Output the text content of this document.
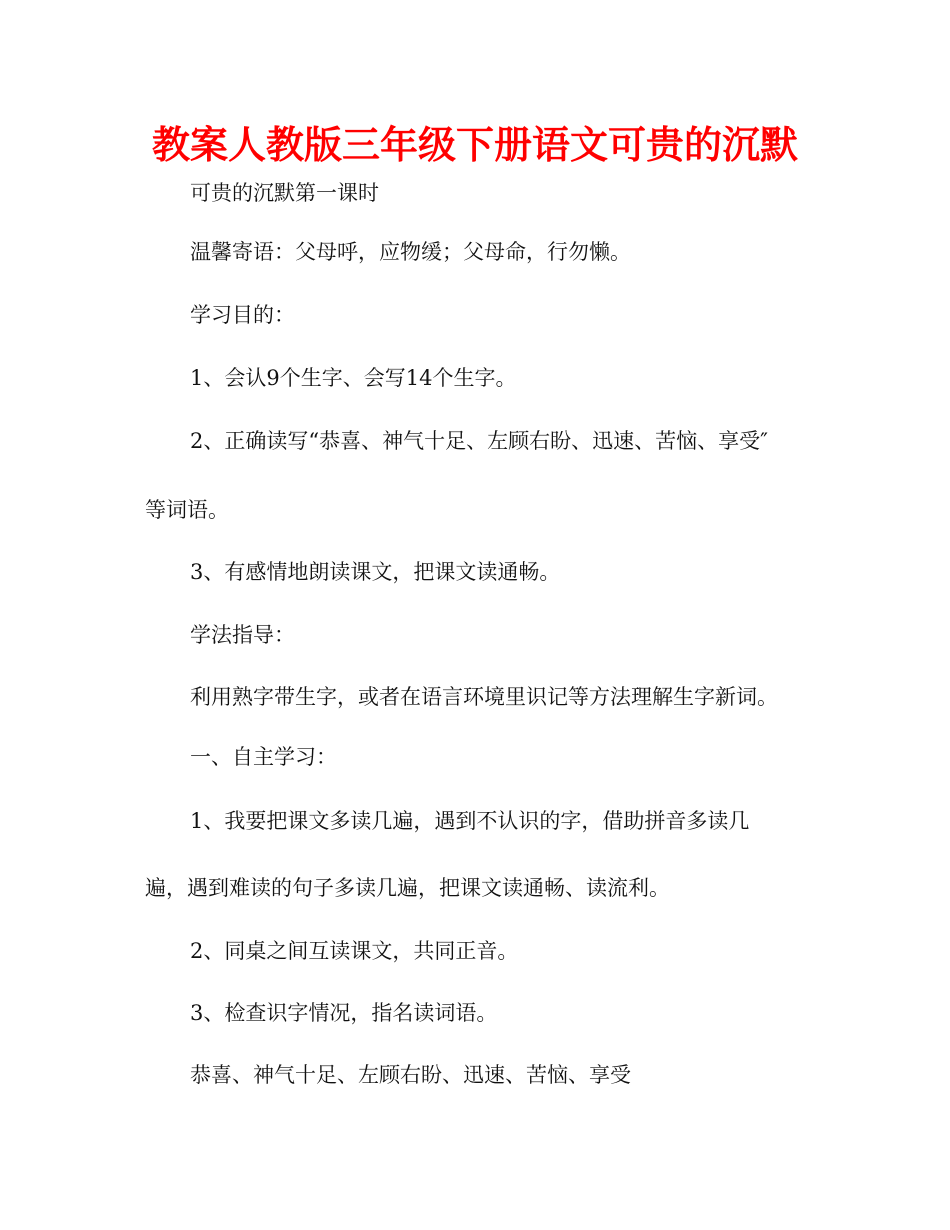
教案人教版三年级下册语文可贵的沉默
可贵的沉默第一课时
温馨寄语：父母呼，应物缓；父母命，行勿懒。
学习目的：
1、会认9个生字、会写14个生字。
2、正确读写“恭喜、神气十足、左顾右盼、迅速、苦恼、享受″
等词语。
3、有感情地朗读课文，把课文读通畅。
学法指导：
利用熟字带生字，或者在语言环境里识记等方法理解生字新词。
一、自主学习：
1、我要把课文多读几遍，遇到不认识的字，借助拼音多读几
遍，遇到难读的句子多读几遍，把课文读通畅、读流利。
2、同桌之间互读课文，共同正音。
3、检查识字情况，指名读词语。
恭喜、神气十足、左顾右盼、迅速、苦恼、享受
